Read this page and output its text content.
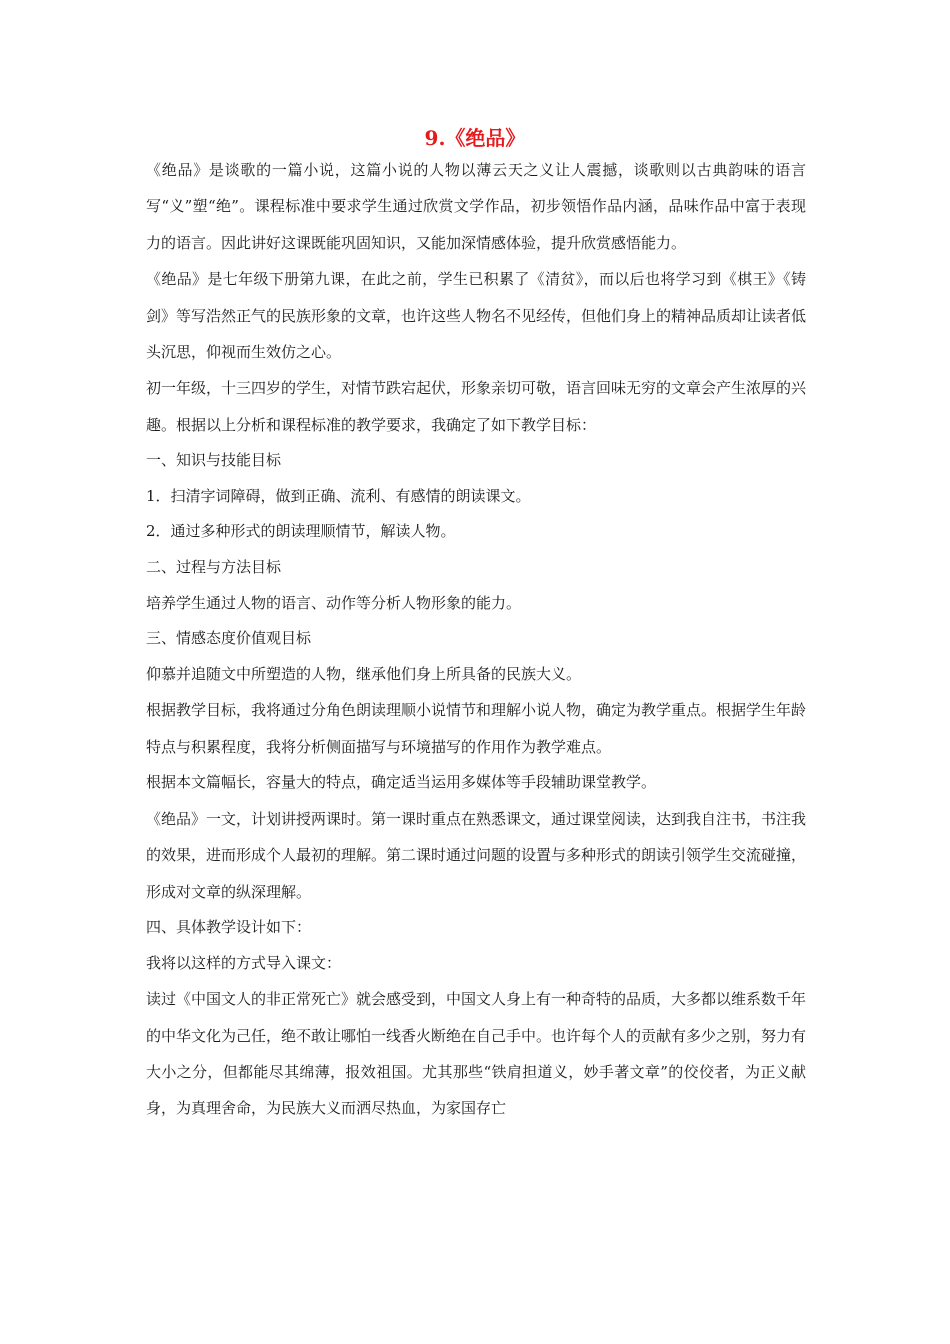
9.《绝品》

《绝品》是谈歌的一篇小说，这篇小说的人物以薄云天之义让人震撼，谈歌则以古典韵味的语言写“义”塑“绝”。课程标准中要求学生通过欣赏文学作品，初步领悟作品内涵，品味作品中富于表现力的语言。因此讲好这课既能巩固知识，又能加深情感体验，提升欣赏感悟能力。

《绝品》是七年级下册第九课，在此之前，学生已积累了《清贫》，而以后也将学习到《棋王》《铸剑》等写浩然正气的民族形象的文章，也许这些人物名不见经传，但他们身上的精神品质却让读者低头沉思，仰视而生效仿之心。

初一年级，十三四岁的学生，对情节跌宕起伏，形象亲切可敬，语言回味无穷的文章会产生浓厚的兴趣。根据以上分析和课程标准的教学要求，我确定了如下教学目标：

一、知识与技能目标

1．扫清字词障碍，做到正确、流利、有感情的朗读课文。

2．通过多种形式的朗读理顺情节，解读人物。

二、过程与方法目标

培养学生通过人物的语言、动作等分析人物形象的能力。

三、情感态度价值观目标

仰慕并追随文中所塑造的人物，继承他们身上所具备的民族大义。

根据教学目标，我将通过分角色朗读理顺小说情节和理解小说人物，确定为教学重点。根据学生年龄特点与积累程度，我将分析侧面描写与环境描写的作用作为教学难点。

根据本文篇幅长，容量大的特点，确定适当运用多媒体等手段辅助课堂教学。

《绝品》一文，计划讲授两课时。第一课时重点在熟悉课文，通过课堂阅读，达到我自注书，书注我的效果，进而形成个人最初的理解。第二课时通过问题的设置与多种形式的朗读引领学生交流碰撞，形成对文章的纵深理解。

四、具体教学设计如下：

我将以这样的方式导入课文：

读过《中国文人的非正常死亡》就会感受到，中国文人身上有一种奇特的品质，大多都以维系数千年的中华文化为己任，绝不敢让哪怕一线香火断绝在自己手中。也许每个人的贡献有多少之别，努力有大小之分，但都能尽其绵薄，报效祖国。尤其那些“铁肩担道义，妙手著文章”的佼佼者，为正义献身，为真理舍命，为民族大义而洒尽热血，为家国存亡
